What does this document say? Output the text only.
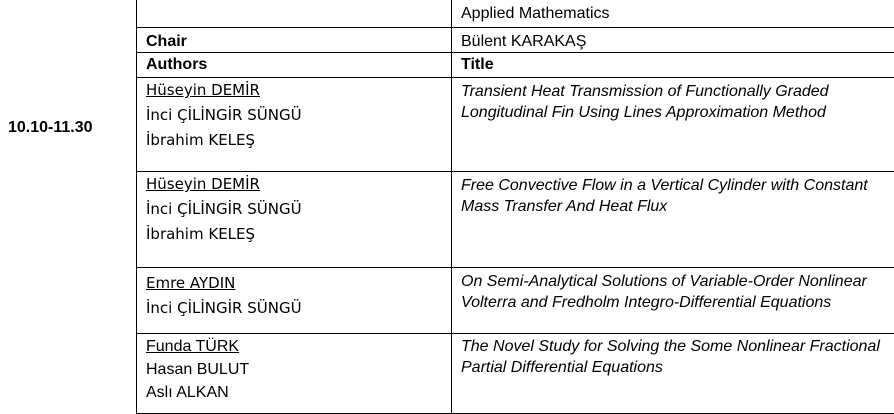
10.10-11.30
	Applied Mathematics
Chair	Bülent KARAKAŞ
Authors	Title

Hüseyin DEMİR
İnci ÇİLİNGİR SÜNGÜ
İbrahim KELEŞ	Transient Heat Transmission of Functionally Graded Longitudinal Fin Using Lines Approximation Method

Hüseyin DEMİR
İnci ÇİLİNGİR SÜNGÜ
İbrahim KELEŞ	Free Convective Flow in a Vertical Cylinder with Constant Mass Transfer And Heat Flux

Emre AYDIN
İnci ÇİLİNGİR SÜNGÜ	On Semi-Analytical Solutions of Variable-Order Nonlinear Volterra and Fredholm Integro-Differential Equations

Funda TÜRK
Hasan BULUT
Aslı ALKAN	The Novel Study for Solving the Some Nonlinear Fractional Partial Differential Equations
